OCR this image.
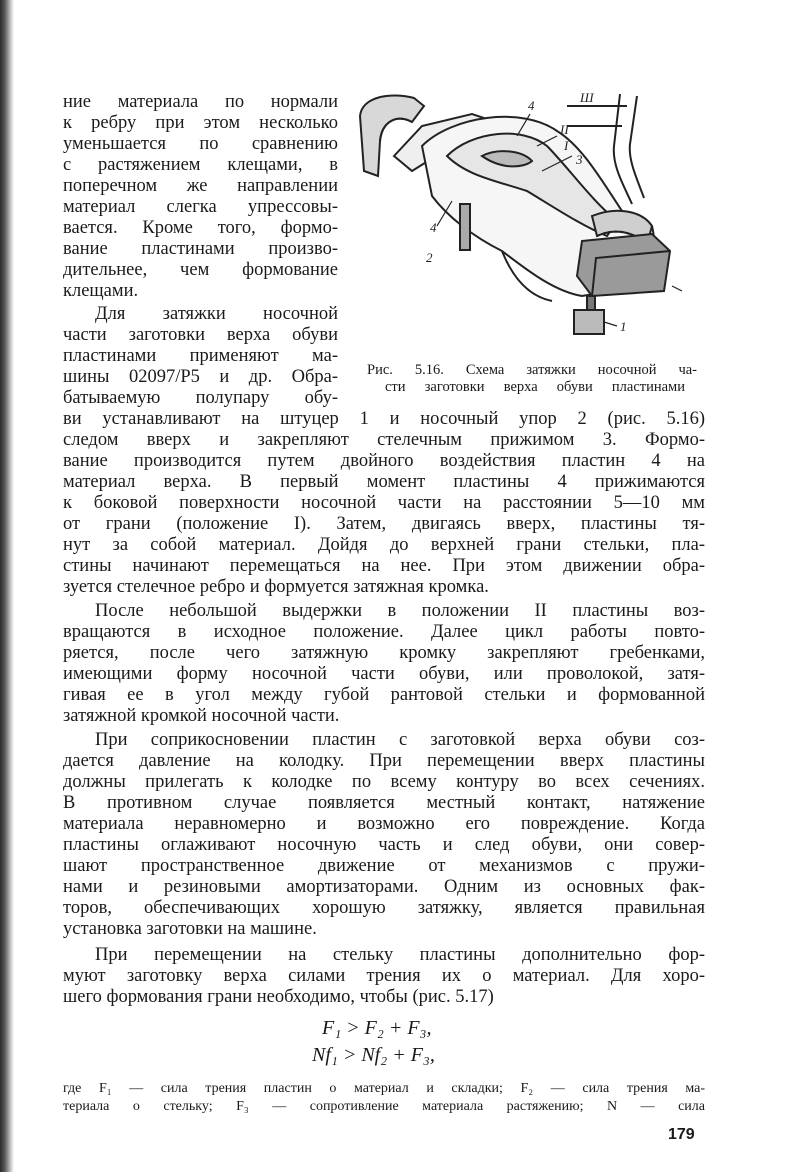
ние материала по нормали
к ребру при этом несколько
уменьшается по сравнению
с растяжением клещами, в
поперечном же направлении
материал слегка упрессовы-
вается. Кроме того, формо-
вание пластинами произво-
дительнее, чем формование
клещами.
Для затяжки носочной
части заготовки верха обуви
пластинами применяют ма-
шины 02097/Р5 и др. Обра-
батываемую полупару обу-
Ш
4
II
I
3
4
2
1
Рис. 5.16. Схема затяжки носочной ча-
сти заготовки верха обуви пластинами
ви устанавливают на штуцер 1 и носочный упор 2 (рис. 5.16)
следом вверх и закрепляют стелечным прижимом 3. Формо-
вание производится путем двойного воздействия пластин 4 на
материал верха. В первый момент пластины 4 прижимаются
к боковой поверхности носочной части на расстоянии 5—10 мм
от грани (положение I). Затем, двигаясь вверх, пластины тя-
нут за собой материал. Дойдя до верхней грани стельки, пла-
стины начинают перемещаться на нее. При этом движении обра-
зуется стелечное ребро и формуется затяжная кромка.
После небольшой выдержки в положении II пластины воз-
вращаются в исходное положение. Далее цикл работы повто-
ряется, после чего затяжную кромку закрепляют гребенками,
имеющими форму носочной части обуви, или проволокой, затя-
гивая ее в угол между губой рантовой стельки и формованной
затяжной кромкой носочной части.
При соприкосновении пластин с заготовкой верха обуви соз-
дается давление на колодку. При перемещении вверх пластины
должны прилегать к колодке по всему контуру во всех сечениях.
В противном случае появляется местный контакт, натяжение
материала неравномерно и возможно его повреждение. Когда
пластины оглаживают носочную часть и след обуви, они совер-
шают пространственное движение от механизмов с пружи-
нами и резиновыми амортизаторами. Одним из основных фак-
торов, обеспечивающих хорошую затяжку, является правильная
установка заготовки на машине.
При перемещении на стельку пластины дополнительно фор-
муют заготовку верха силами трения их о материал. Для хоро-
шего формования грани необходимо, чтобы (рис. 5.17)
F₁ > F₂ + F₃,
Nf₁ > Nf₂ + F₃,
где F₁ — сила трения пластин о материал и складки; F₂ — сила трения ма-
териала о стельку; F₃ — сопротивление материала растяжению; N — сила
179
